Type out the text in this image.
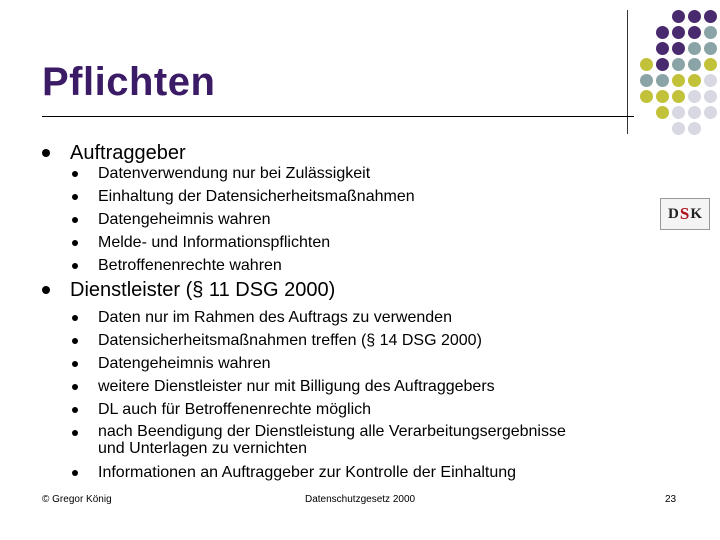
Pflichten
D S K
Auftraggeber
Datenverwendung nur bei Zulässigkeit
Einhaltung der Datensicherheitsmaßnahmen
Datengeheimnis wahren
Melde- und Informationspflichten
Betroffenenrechte wahren
Dienstleister (§ 11 DSG 2000)
Daten nur im Rahmen des Auftrags zu verwenden
Datensicherheitsmaßnahmen treffen (§ 14 DSG 2000)
Datengeheimnis wahren
weitere Dienstleister nur mit Billigung des Auftraggebers
DL auch für Betroffenenrechte möglich
nach Beendigung der Dienstleistung alle Verarbeitungsergebnisse
und Unterlagen zu vernichten
Informationen an Auftraggeber zur Kontrolle der Einhaltung
© Gregor König	Datenschutzgesetz 2000	23
